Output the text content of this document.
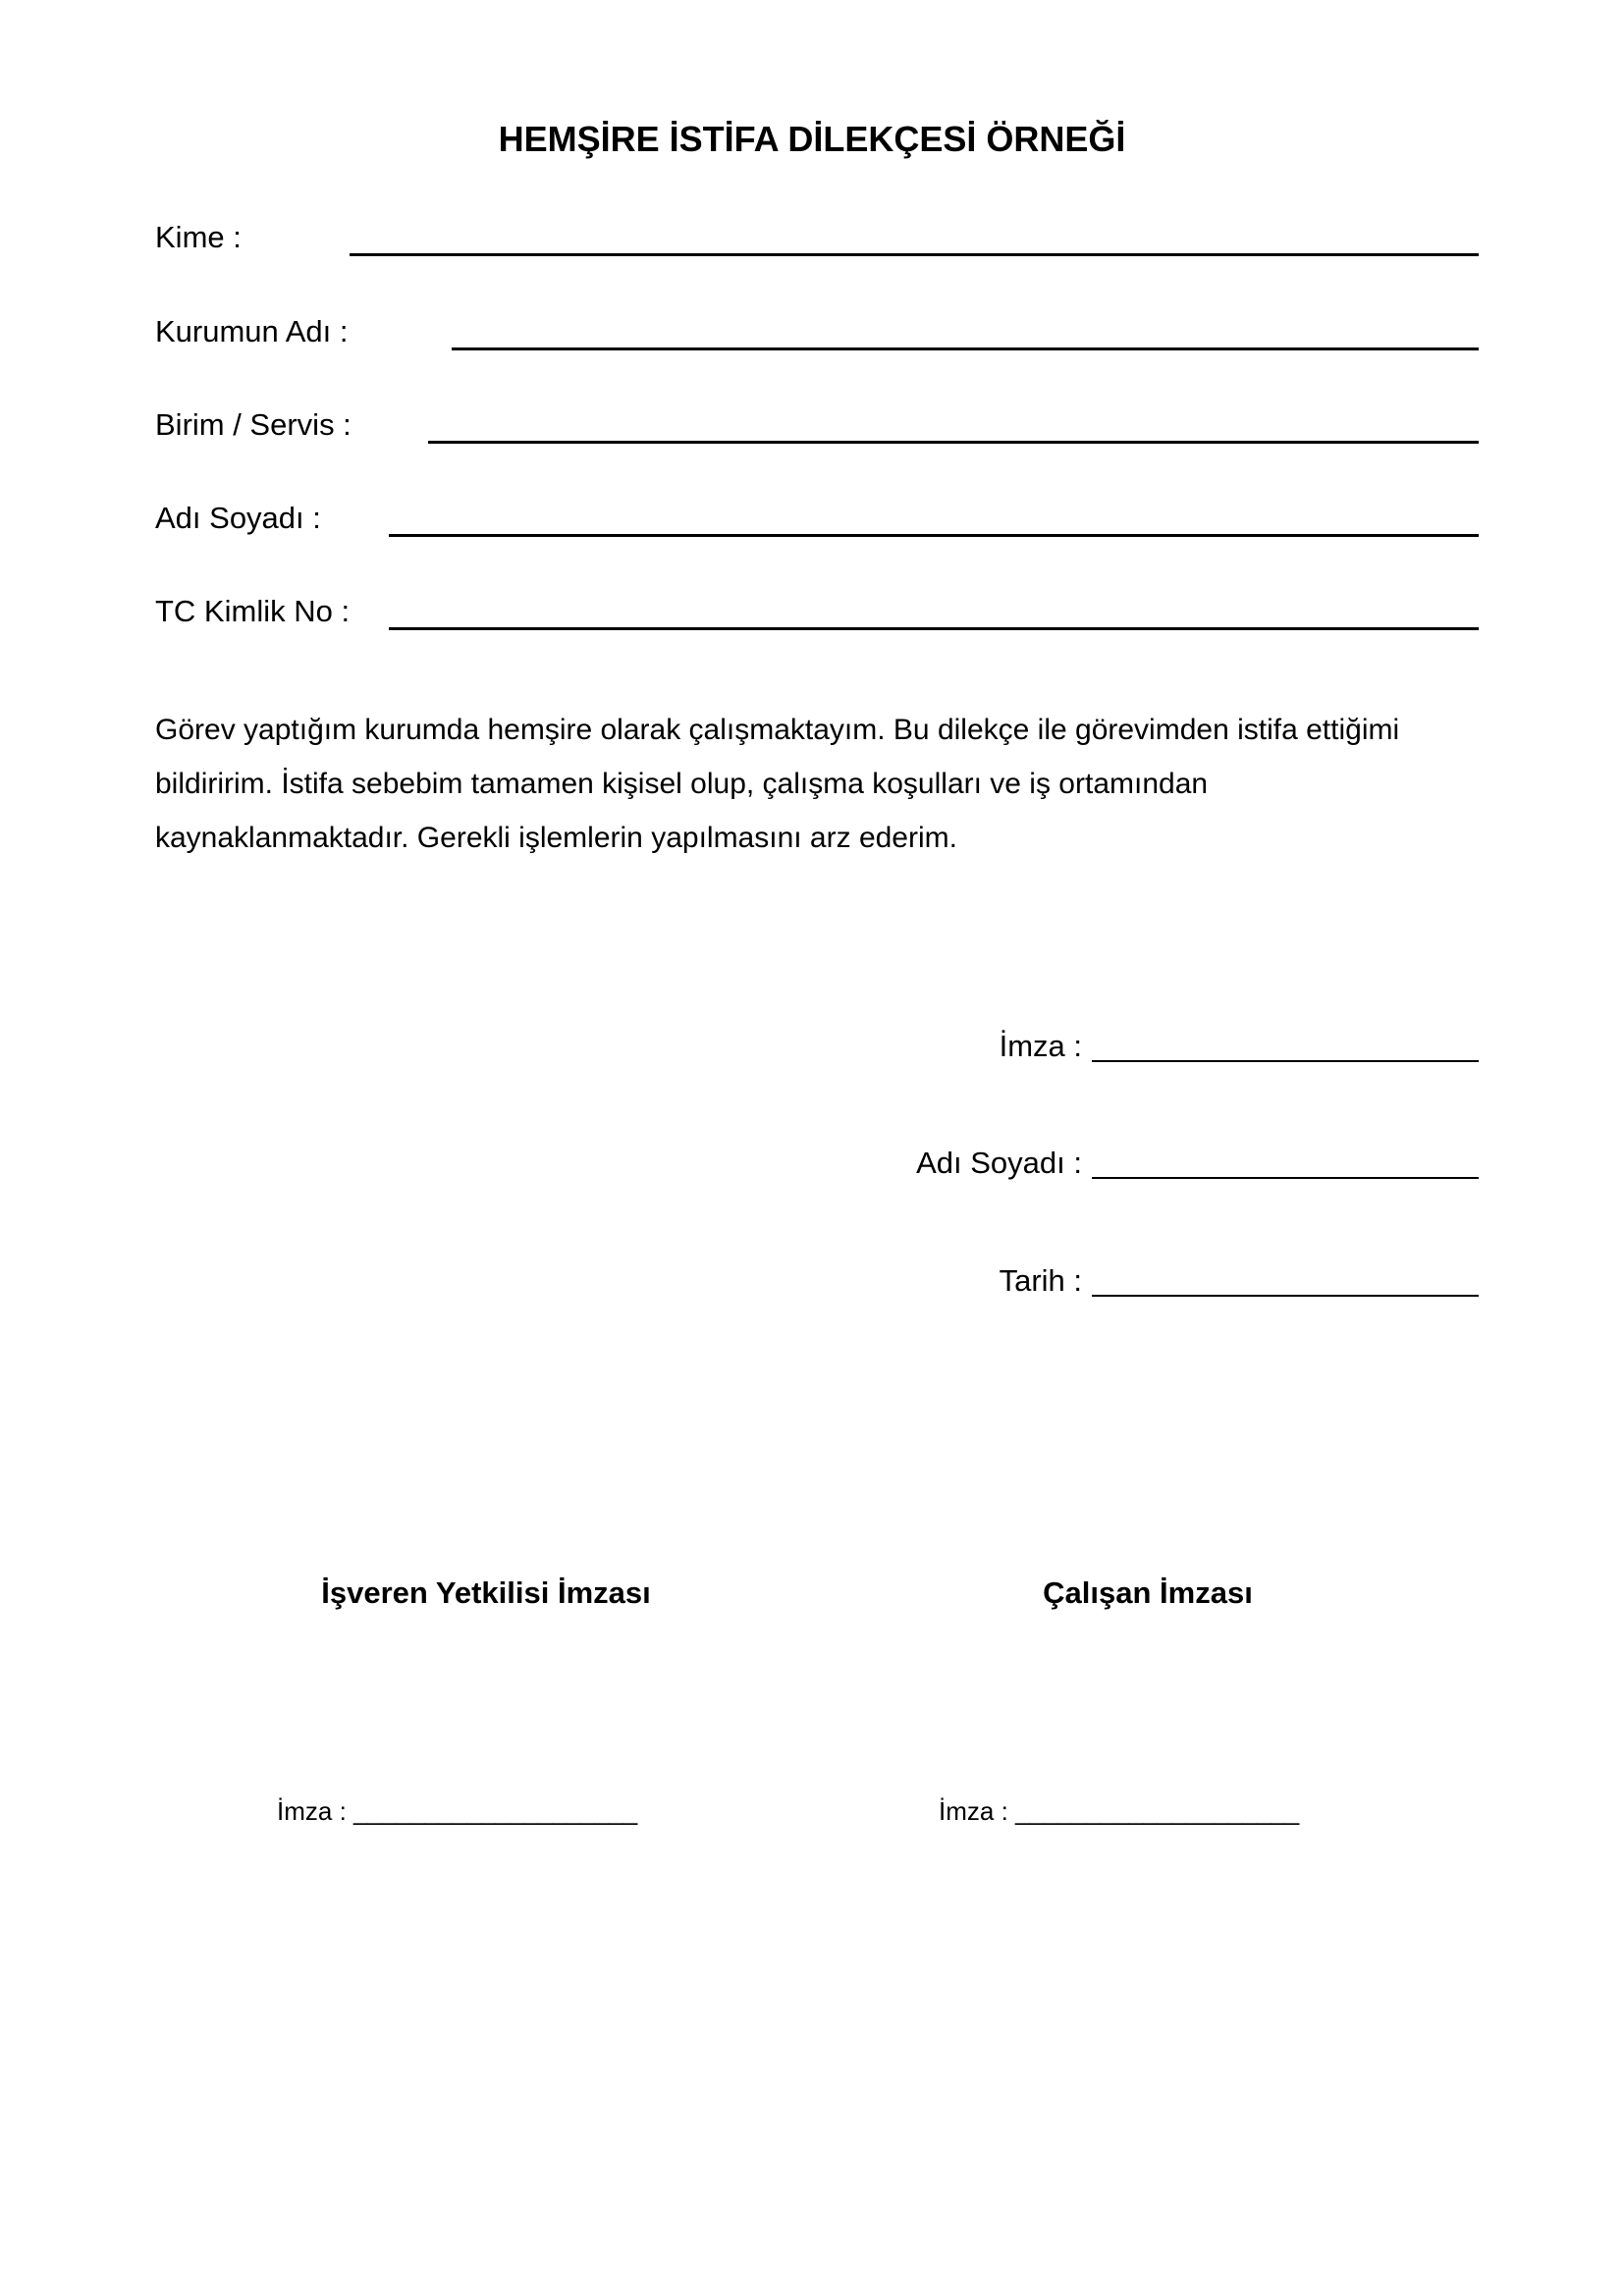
HEMŞİRE İSTİFA DİLEKÇESİ ÖRNEĞİ
Kime :
Kurumun Adı :
Birim / Servis :
Adı Soyadı :
TC Kimlik No :
Görev yaptığım kurumda hemşire olarak çalışmaktayım. Bu dilekçe ile görevimden istifa ettiğimi
bildiririm. İstifa sebebim tamamen kişisel olup, çalışma koşulları ve iş ortamından
kaynaklanmaktadır. Gerekli işlemlerin yapılmasını arz ederim.
İmza :
Adı Soyadı :
Tarih :
İşveren Yetkilisi İmzası	Çalışan İmzası
İmza : ____________________	İmza : ____________________
